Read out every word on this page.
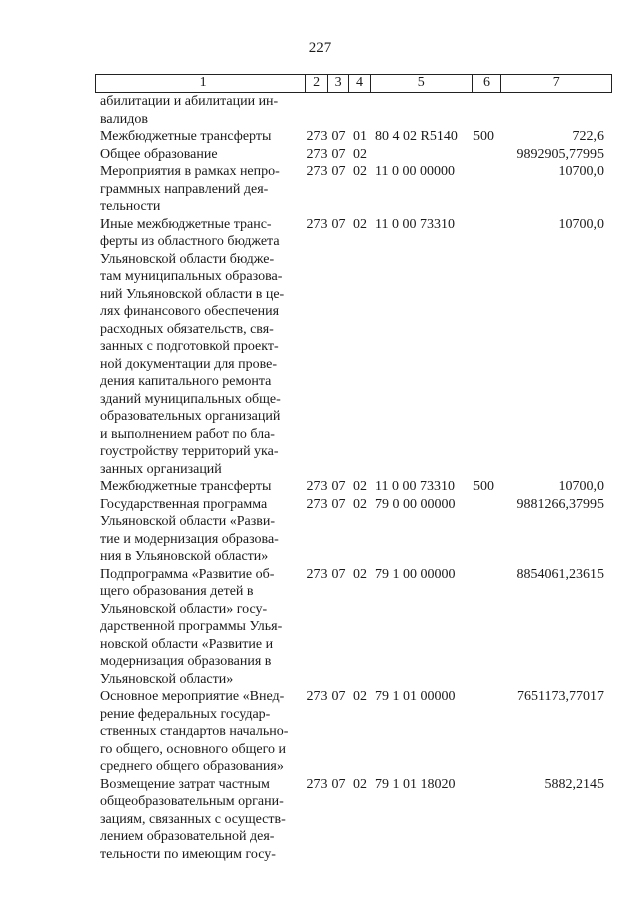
227
1	2	3	4	5	6	7
абилитации и абилитации ин-
валидов
Межбюджетные трансферты	273 07 01 80 4 02 R5140	500	722,6
Общее образование	273 07 02	9892905,77995
Мероприятия в рамках непро-
граммных направлений дея-
тельности
273 07 02 11 0 00 00000	10700,0
Иные межбюджетные транс-
ферты из областного бюджета
Ульяновской области бюдже-
там муниципальных образова-
ний Ульяновской области в це-
лях финансового обеспечения
расходных обязательств, свя-
занных с подготовкой проект-
ной документации для прове-
дения капитального ремонта
зданий муниципальных обще-
образовательных организаций
и выполнением работ по бла-
гоустройству территорий ука-
занных организаций
273 07 02 11 0 00 73310	10700,0
Межбюджетные трансферты	273 07 02 11 0 00 73310	500	10700,0
Государственная программа
Ульяновской области «Разви-
тие и модернизация образова-
ния в Ульяновской области»
273 07 02 79 0 00 00000	9881266,37995
Подпрограмма «Развитие об-
щего образования детей в
Ульяновской области» госу-
дарственной программы Улья-
новской области «Развитие и
модернизация образования в
Ульяновской области»
273 07 02 79 1 00 00000	8854061,23615
Основное мероприятие «Внед-
рение федеральных государ-
ственных стандартов начально-
го общего, основного общего и
среднего общего образования»
273 07 02 79 1 01 00000	7651173,77017
Возмещение затрат частным
общеобразовательным органи-
зациям, связанных с осуществ-
лением образовательной дея-
тельности по имеющим госу-
273 07 02 79 1 01 18020	5882,2145
